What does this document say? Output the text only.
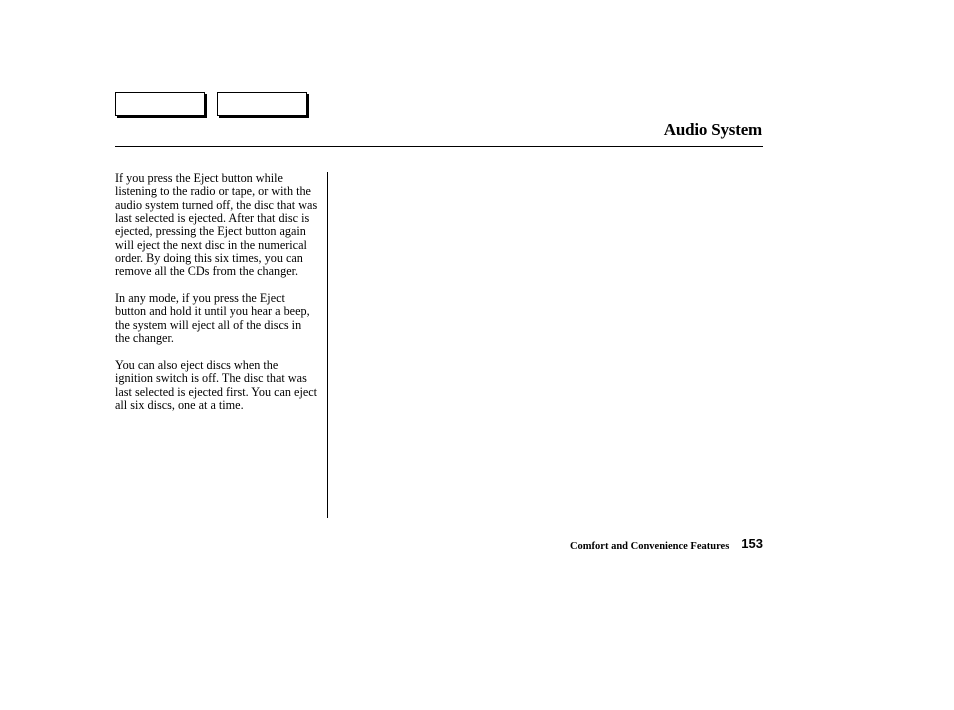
Audio System

If you press the Eject button while listening to the radio or tape, or with the audio system turned off, the disc that was last selected is ejected. After that disc is ejected, pressing the Eject button again will eject the next disc in the numerical order. By doing this six times, you can remove all the CDs from the changer.

In any mode, if you press the Eject button and hold it until you hear a beep, the system will eject all of the discs in the changer.

You can also eject discs when the ignition switch is off. The disc that was last selected is ejected first. You can eject all six discs, one at a time.

Comfort and Convenience Features 153
